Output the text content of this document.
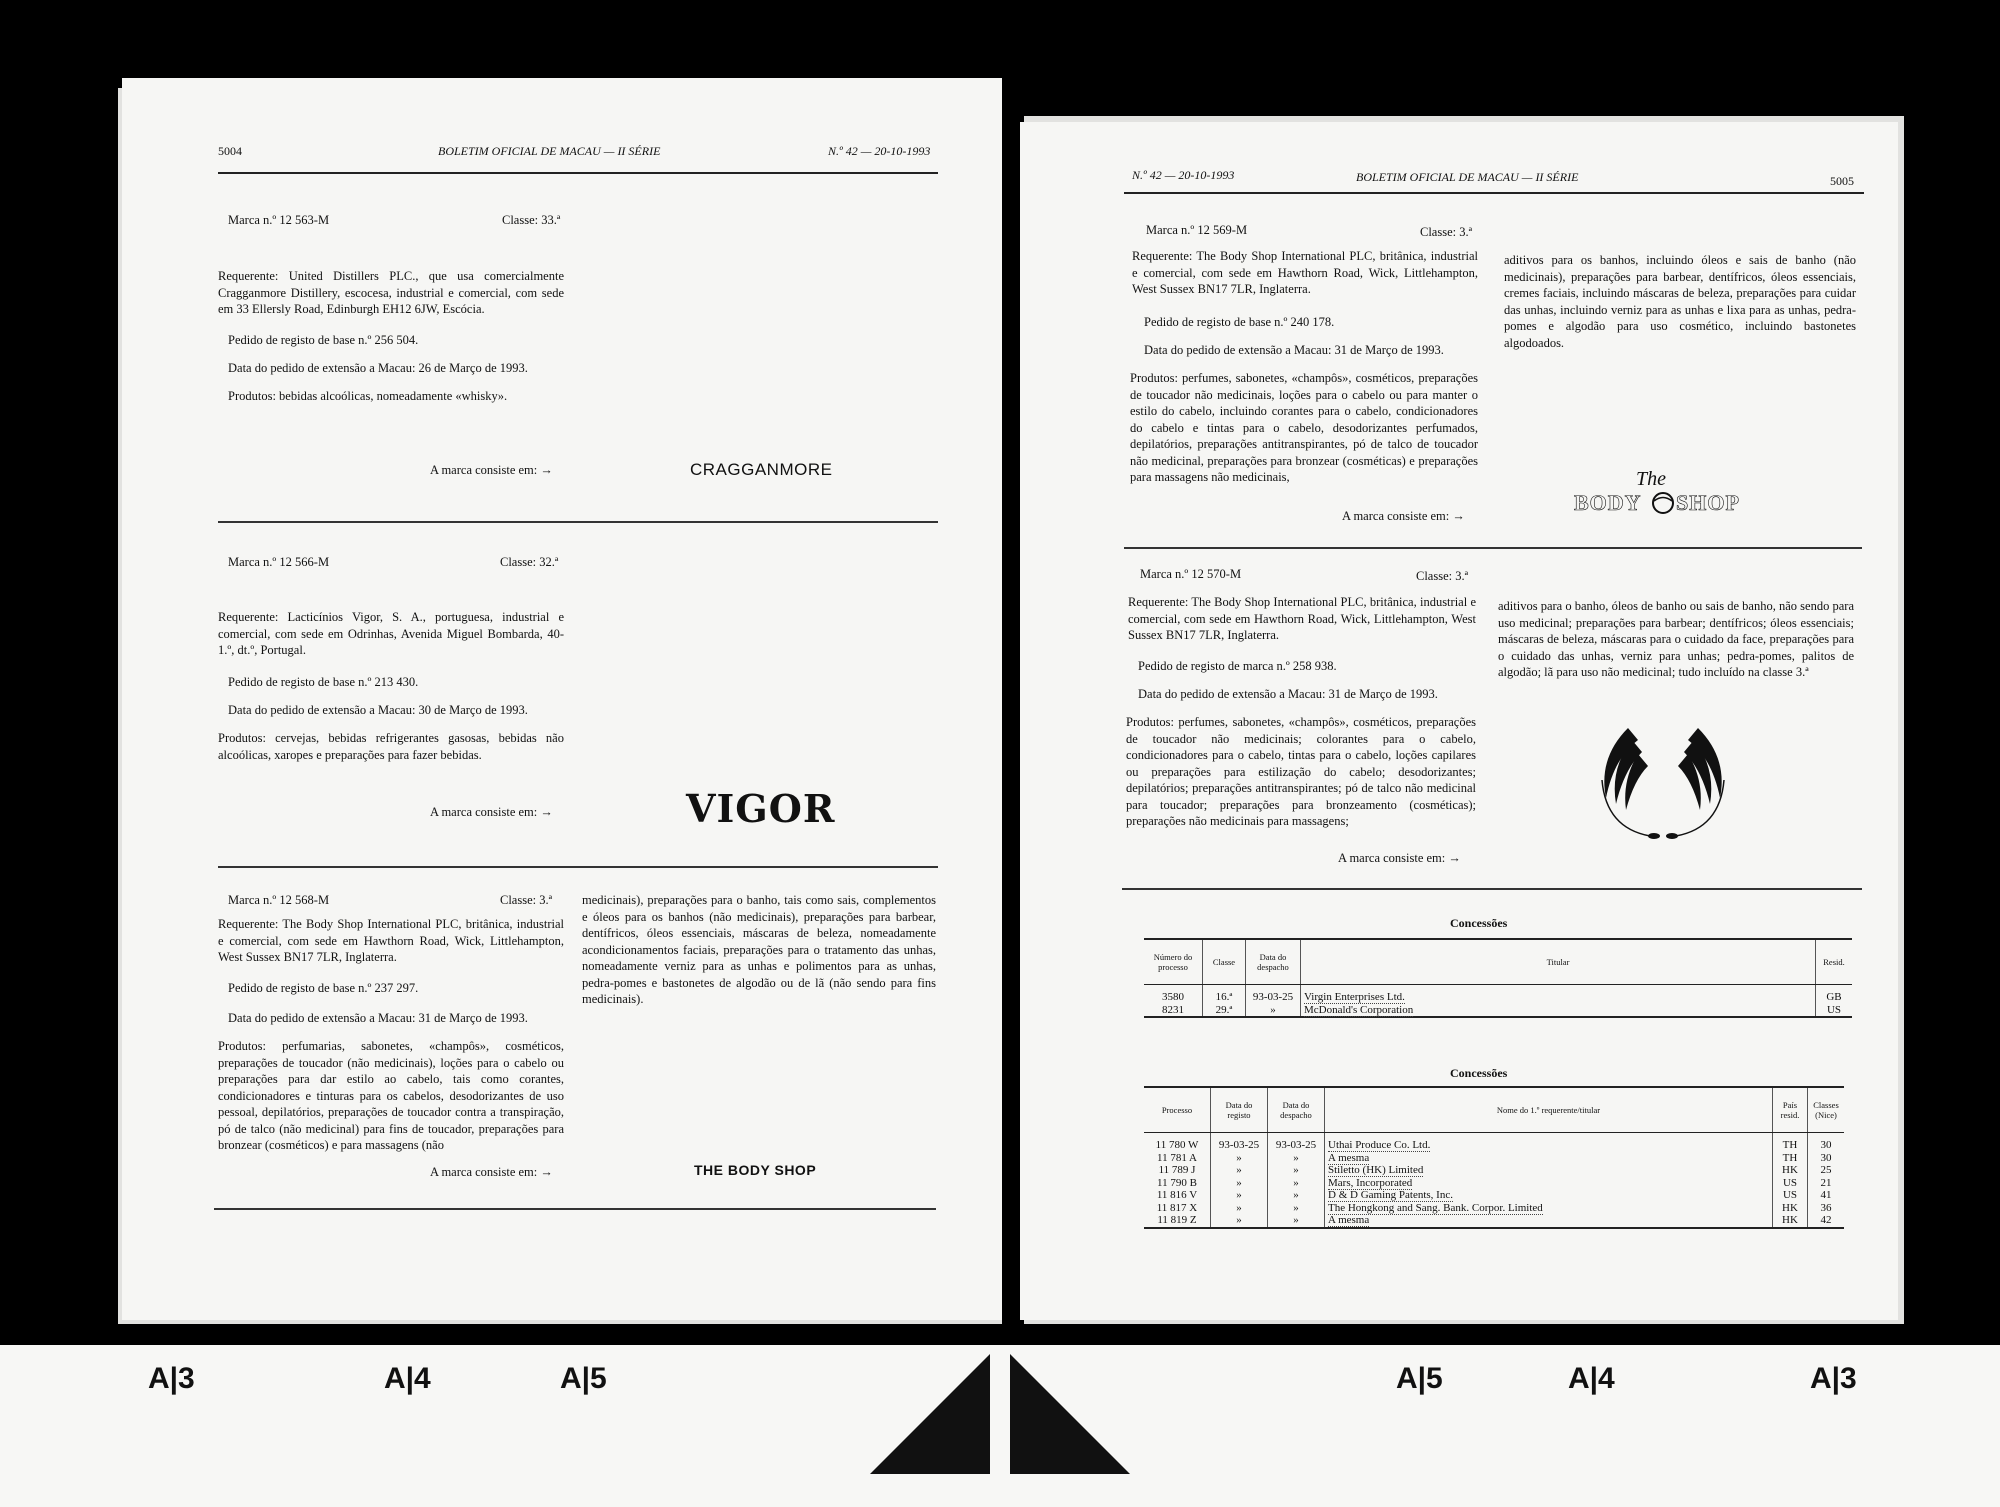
5004	BOLETIM OFICIAL DE MACAU — II SÉRIE	N.º 42 — 20-10-1993
Marca n.º 12 563-M	Classe: 33.ª
Requerente: United Distillers PLC., que usa comercialmente Cragganmore Distillery, escocesa, industrial e comercial, com sede em 33 Ellersly Road, Edinburgh EH12 6JW, Escócia.
Pedido de registo de base n.º 256 504.
Data do pedido de extensão a Macau: 26 de Março de 1993.
Produtos: bebidas alcoólicas, nomeadamente «whisky».
A marca consiste em: →	CRAGGANMORE
Marca n.º 12 566-M	Classe: 32.ª
Requerente: Lacticínios Vigor, S. A., portuguesa, industrial e comercial, com sede em Odrinhas, Avenida Miguel Bombarda, 40-1.º, dt.º, Portugal.
Pedido de registo de base n.º 213 430.
Data do pedido de extensão a Macau: 30 de Março de 1993.
Produtos: cervejas, bebidas refrigerantes gasosas, bebidas não alcoólicas, xaropes e preparações para fazer bebidas.
A marca consiste em: →	VIGOR
Marca n.º 12 568-M	Classe: 3.ª
Requerente: The Body Shop International PLC, britânica, industrial e comercial, com sede em Hawthorn Road, Wick, Littlehampton, West Sussex BN17 7LR, Inglaterra.
Pedido de registo de base n.º 237 297.
Data do pedido de extensão a Macau: 31 de Março de 1993.
Produtos: perfumarias, sabonetes, «champôs», cosméticos, preparações de toucador (não medicinais), loções para o cabelo ou preparações para dar estilo ao cabelo, tais como corantes, condicionadores e tinturas para os cabelos, desodorizantes de uso pessoal, depilatórios, preparações de toucador contra a transpiração, pó de talco (não medicinal) para fins de toucador, preparações para bronzear (cosméticos) e para massagens (não
medicinais), preparações para o banho, tais como sais, complementos e óleos para os banhos (não medicinais), preparações para barbear, dentífricos, óleos essenciais, máscaras de beleza, nomeadamente acondicionamentos faciais, preparações para o tratamento das unhas, nomeadamente verniz para as unhas e polimentos para as unhas, pedra-pomes e bastonetes de algodão ou de lã (não sendo para fins medicinais).
A marca consiste em: →	THE BODY SHOP
N.º 42 — 20-10-1993	BOLETIM OFICIAL DE MACAU — II SÉRIE	5005
Marca n.º 12 569-M	Classe: 3.ª
Requerente: The Body Shop International PLC, britânica, industrial e comercial, com sede em Hawthorn Road, Wick, Littlehampton, West Sussex BN17 7LR, Inglaterra.
Pedido de registo de base n.º 240 178.
Data do pedido de extensão a Macau: 31 de Março de 1993.
Produtos: perfumes, sabonetes, «champôs», cosméticos, preparações de toucador não medicinais, loções para o cabelo ou para manter o estilo do cabelo, incluindo corantes para o cabelo, condicionadores do cabelo e tintas para o cabelo, desodorizantes perfumados, depilatórios, preparações antitranspirantes, pó de talco de toucador não medicinal, preparações para bronzear (cosméticas) e preparações para massagens não medicinais,
aditivos para os banhos, incluindo óleos e sais de banho (não medicinais), preparações para barbear, dentífricos, óleos essenciais, cremes faciais, incluindo máscaras de beleza, preparações para cuidar das unhas, incluindo verniz para as unhas e lixa para as unhas, pedra-pomes e algodão para uso cosmético, incluindo bastonetes algodoados.
A marca consiste em: →
The
BODY SHOP
Marca n.º 12 570-M	Classe: 3.ª
Requerente: The Body Shop International PLC, britânica, industrial e comercial, com sede em Hawthorn Road, Wick, Littlehampton, West Sussex BN17 7LR, Inglaterra.
Pedido de registo de marca n.º 258 938.
Data do pedido de extensão a Macau: 31 de Março de 1993.
Produtos: perfumes, sabonetes, «champôs», cosméticos, preparações de toucador não medicinais; colorantes para o cabelo, condicionadores para o cabelo, tintas para o cabelo, loções capilares ou preparações para estilização do cabelo; desodorizantes; depilatórios; preparações antitranspirantes; pó de talco não medicinal para toucador; preparações para bronzeamento (cosméticas); preparações não medicinais para massagens;
aditivos para o banho, óleos de banho ou sais de banho, não sendo para uso medicinal; preparações para barbear; dentífricos; óleos essenciais; máscaras de beleza, máscaras para o cuidado da face, preparações para o cuidado das unhas, verniz para unhas; pedra-pomes, palitos de algodão; lã para uso não medicinal; tudo incluído na classe 3.ª
A marca consiste em: →
Concessões
Número do processo	Classe	Data do despacho	Titular	Resid.

3580	16.ª	93-03-25	Virgin Enterprises Ltd.	GB
8231	29.ª	»	McDonald's Corporation	US
Concessões
Processo	Data do registo	Data do despacho	Nome do 1.º requerente/titular	País resid.	Classes (Nice)

11 780 W	93-03-25	93-03-25	Uthai Produce Co. Ltd.	TH	30
11 781 A	»	»	A mesma	TH	30
11 789 J	»	»	Stiletto (HK) Limited	HK	25
11 790 B	»	»	Mars, Incorporated	US	21
11 816 V	»	»	D & D Gaming Patents, Inc.	US	41
11 817 X	»	»	The Hongkong and Sang. Bank. Corpor. Limited	HK	36
11 819 Z	»	»	A mesma	HK	42
A|3	A|4	A|5	A|5	A|4	A|3
